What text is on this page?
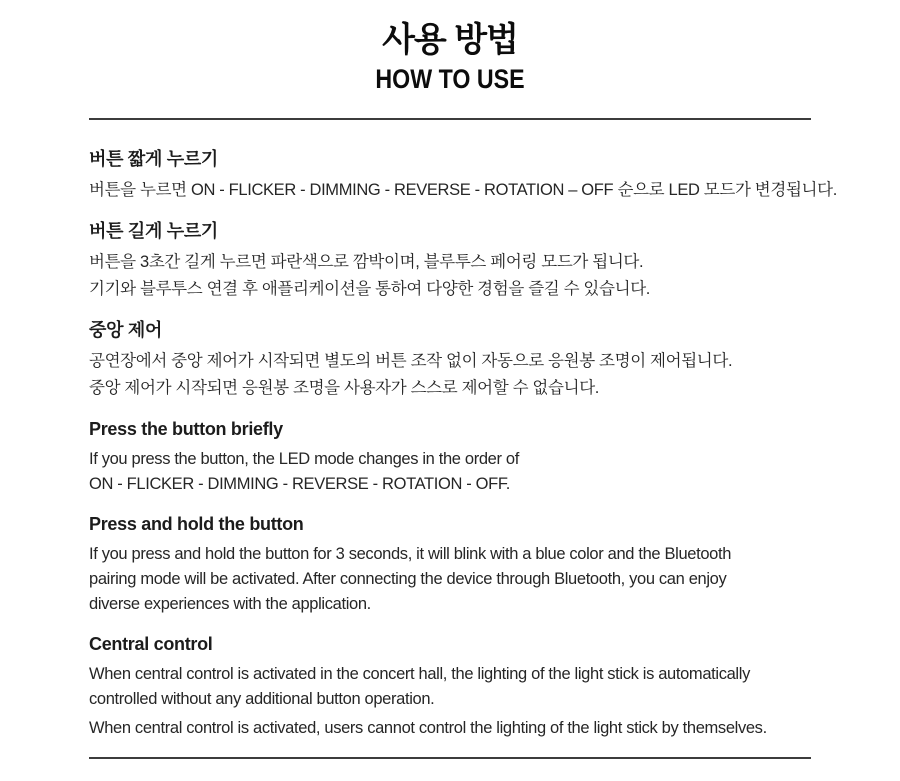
사용 방법
HOW TO USE
버튼 짧게 누르기
버튼을 누르면 ON - FLICKER - DIMMING - REVERSE - ROTATION – OFF 순으로 LED 모드가 변경됩니다.
버튼 길게 누르기
버튼을 3초간 길게 누르면 파란색으로 깜박이며, 블루투스 페어링 모드가 됩니다.
기기와 블루투스 연결 후 애플리케이션을 통하여 다양한 경험을 즐길 수 있습니다.
중앙 제어
공연장에서 중앙 제어가 시작되면 별도의 버튼 조작 없이 자동으로 응원봉 조명이 제어됩니다.
중앙 제어가 시작되면 응원봉 조명을 사용자가 스스로 제어할 수 없습니다.
Press the button briefly
If you press the button, the LED mode changes in the order of
ON - FLICKER - DIMMING - REVERSE - ROTATION - OFF.
Press and hold the button
If you press and hold the button for 3 seconds, it will blink with a blue color and the Bluetooth
pairing mode will be activated. After connecting the device through Bluetooth, you can enjoy
diverse experiences with the application.
Central control
When central control is activated in the concert hall, the lighting of the light stick is automatically
controlled without any additional button operation.
When central control is activated, users cannot control the lighting of the light stick by themselves.
